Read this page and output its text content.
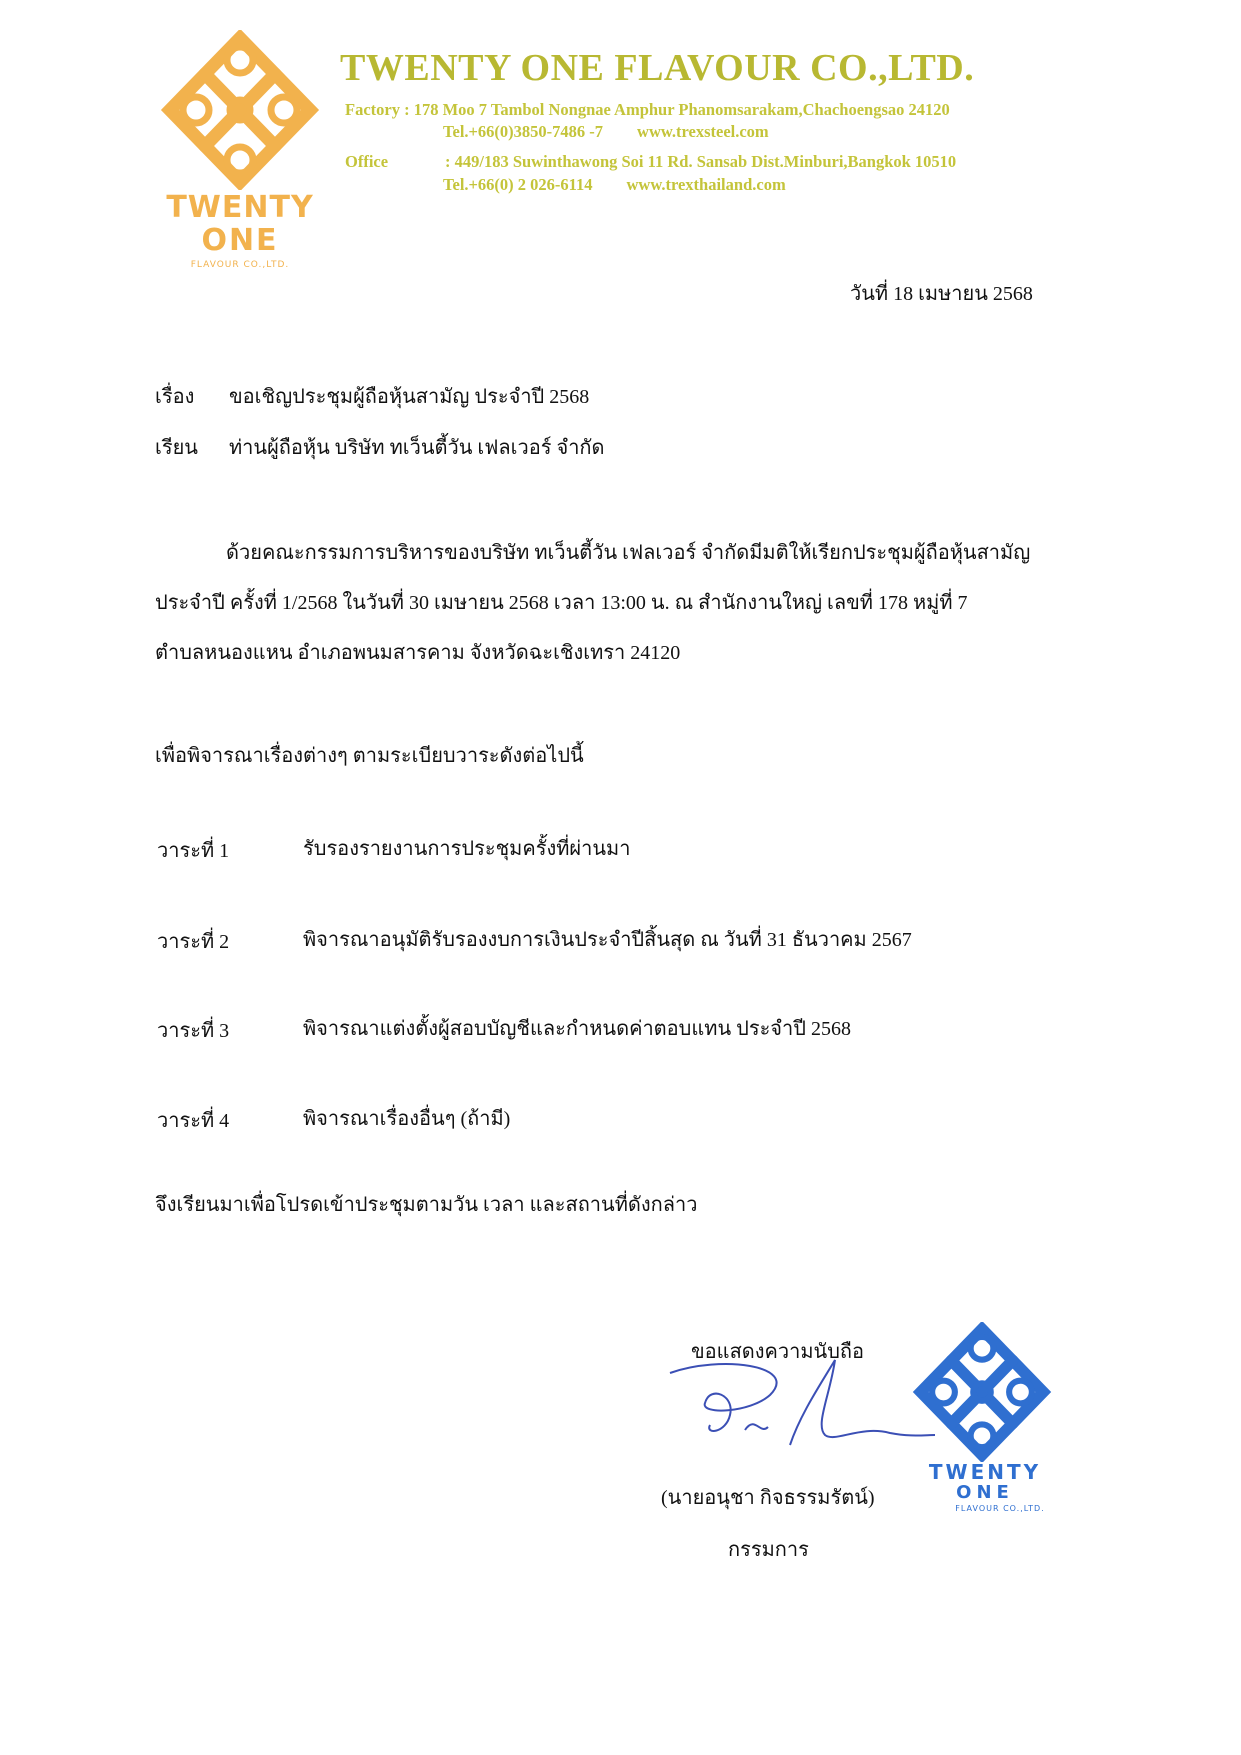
TWENTY
ONE
FLAVOUR CO.,LTD.
TWENTY ONE FLAVOUR CO.,LTD.
Factory : 178 Moo 7 Tambol Nongnae Amphur Phanomsarakam,Chachoengsao 24120
Tel.+66(0)3850-7486 -7 www.trexsteel.com
Office	: 449/183 Suwinthawong Soi 11 Rd. Sansab Dist.Minburi,Bangkok 10510
Tel.+66(0) 2 026-6114 www.trexthailand.com
วันที่ 18 เมษายน 2568
เรื่อง ขอเชิญประชุมผู้ถือหุ้นสามัญ ประจำปี 2568
เรียน ท่านผู้ถือหุ้น บริษัท ทเว็นตี้วัน เฟลเวอร์ จำกัด
ด้วยคณะกรรมการบริหารของบริษัท ทเว็นตี้วัน เฟลเวอร์ จำกัดมีมติให้เรียกประชุมผู้ถือหุ้นสามัญ
ประจำปี ครั้งที่ 1/2568 ในวันที่ 30 เมษายน 2568 เวลา 13:00 น. ณ สำนักงานใหญ่ เลขที่ 178 หมู่ที่ 7
ตำบลหนองแหน อำเภอพนมสารคาม จังหวัดฉะเชิงเทรา 24120
เพื่อพิจารณาเรื่องต่างๆ ตามระเบียบวาระดังต่อไปนี้
วาระที่ 1	รับรองรายงานการประชุมครั้งที่ผ่านมา
วาระที่ 2	พิจารณาอนุมัติรับรองงบการเงินประจำปีสิ้นสุด ณ วันที่ 31 ธันวาคม 2567
วาระที่ 3	พิจารณาแต่งตั้งผู้สอบบัญชีและกำหนดค่าตอบแทน ประจำปี 2568
วาระที่ 4	พิจารณาเรื่องอื่นๆ (ถ้ามี)
จึงเรียนมาเพื่อโปรดเข้าประชุมตามวัน เวลา และสถานที่ดังกล่าว
ขอแสดงความนับถือ
TWENTY
ONE
FLAVOUR CO.,LTD.
(นายอนุชา กิจธรรมรัตน์)
กรรมการ
